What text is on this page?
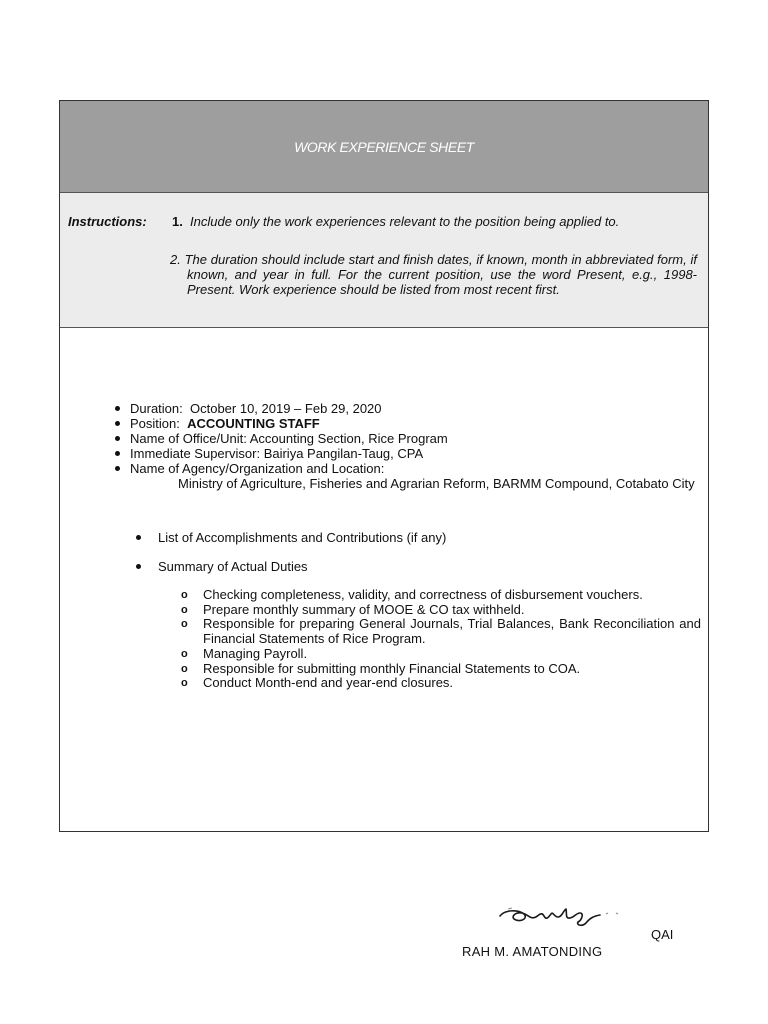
WORK EXPERIENCE SHEET
Instructions: 1. Include only the work experiences relevant to the position being applied to.
2. The duration should include start and finish dates, if known, month in abbreviated form, if known, and year in full. For the current position, use the word Present, e.g., 1998-Present. Work experience should be listed from most recent first.
Duration: October 10, 2019 – Feb 29, 2020
Position: ACCOUNTING STAFF
Name of Office/Unit: Accounting Section, Rice Program
Immediate Supervisor: Bairiya Pangilan-Taug, CPA
Name of Agency/Organization and Location:
Ministry of Agriculture, Fisheries and Agrarian Reform, BARMM Compound, Cotabato City
List of Accomplishments and Contributions (if any)
Summary of Actual Duties
o Checking completeness, validity, and correctness of disbursement vouchers.
o Prepare monthly summary of MOOE & CO tax withheld.
o Responsible for preparing General Journals, Trial Balances, Bank Reconciliation and Financial Statements of Rice Program.
o Managing Payroll.
o Responsible for submitting monthly Financial Statements to COA.
o Conduct Month-end and year-end closures.
QAI
RAH M. AMATONDING
